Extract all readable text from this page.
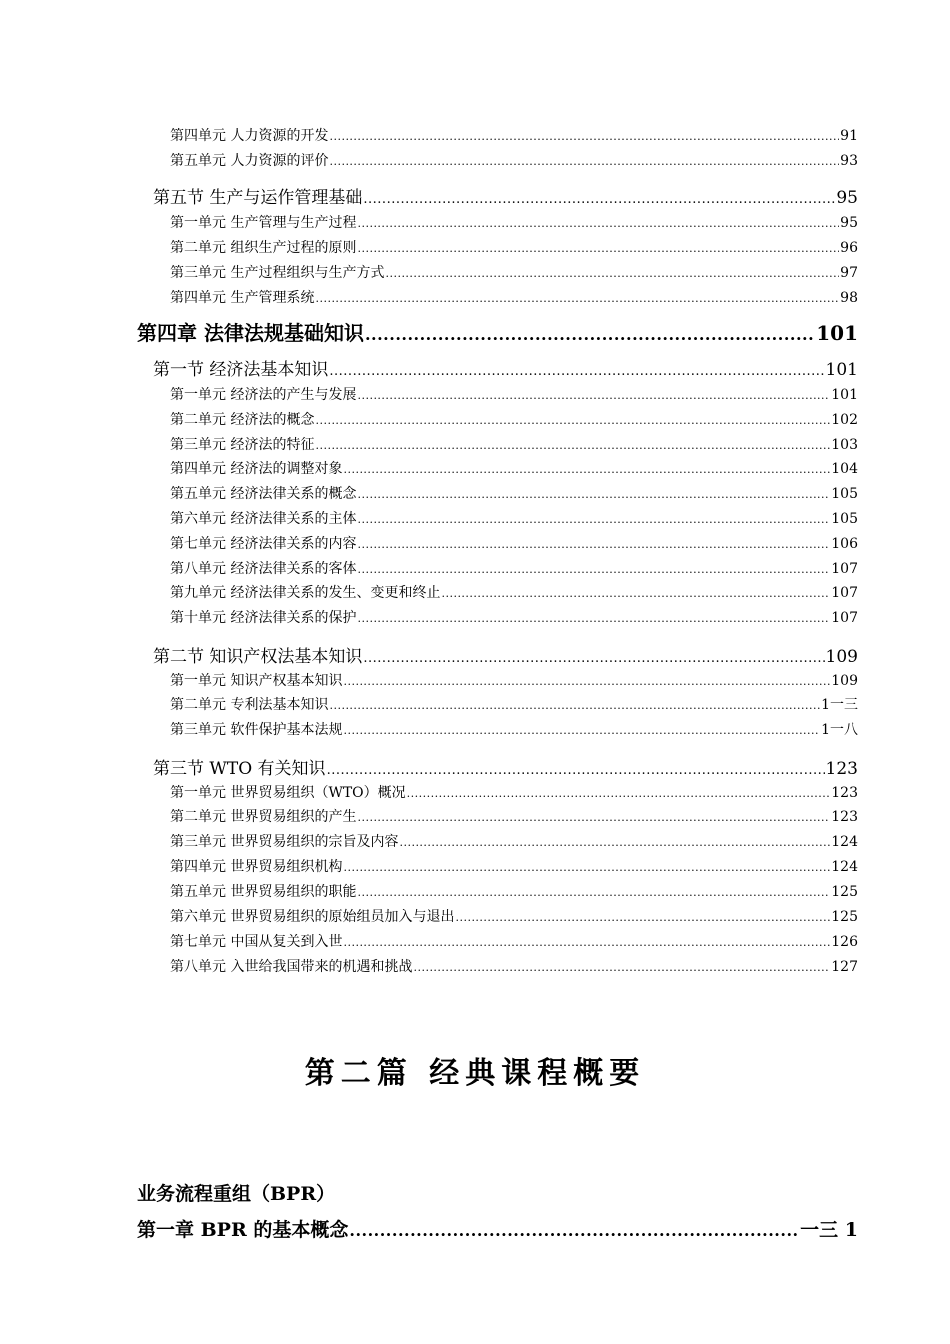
第四单元 人力资源的开发 .....	91
第五单元 人力资源的评价 .....	93
第五节 生产与运作管理基础 .....	95
第一单元 生产管理与生产过程 .....	95
第二单元 组织生产过程的原则 .....	96
第三单元 生产过程组织与生产方式 .....	97
第四单元 生产管理系统 .....	98
第四章 法律法规基础知识 .....	101
第一节 经济法基本知识 .....	101
第一单元 经济法的产生与发展 .....	101
第二单元 经济法的概念 .....	102
第三单元 经济法的特征 .....	103
第四单元 经济法的调整对象 .....	104
第五单元 经济法律关系的概念 .....	105
第六单元 经济法律关系的主体 .....	105
第七单元 经济法律关系的内容 .....	106
第八单元 经济法律关系的客体 .....	107
第九单元 经济法律关系的发生、变更和终止 .....	107
第十单元 经济法律关系的保护 .....	107
第二节 知识产权法基本知识 .....	109
第一单元 知识产权基本知识 .....	109
第二单元 专利法基本知识 .....	1一三
第三单元 软件保护基本法规 .....	1一八
第三节 WTO 有关知识 .....	123
第一单元 世界贸易组织（WTO）概况 .....	123
第二单元 世界贸易组织的产生 .....	123
第三单元 世界贸易组织的宗旨及内容 .....	124
第四单元 世界贸易组织机构 .....	124
第五单元 世界贸易组织的职能 .....	125
第六单元 世界贸易组织的原始组员加入与退出 .....	125
第七单元 中国从复关到入世 .....	126
第八单元 入世给我国带来的机遇和挑战 .....	127
第二篇 经典课程概要
业务流程重组（BPR）
第一章 BPR 的基本概念 .....	一三 1
